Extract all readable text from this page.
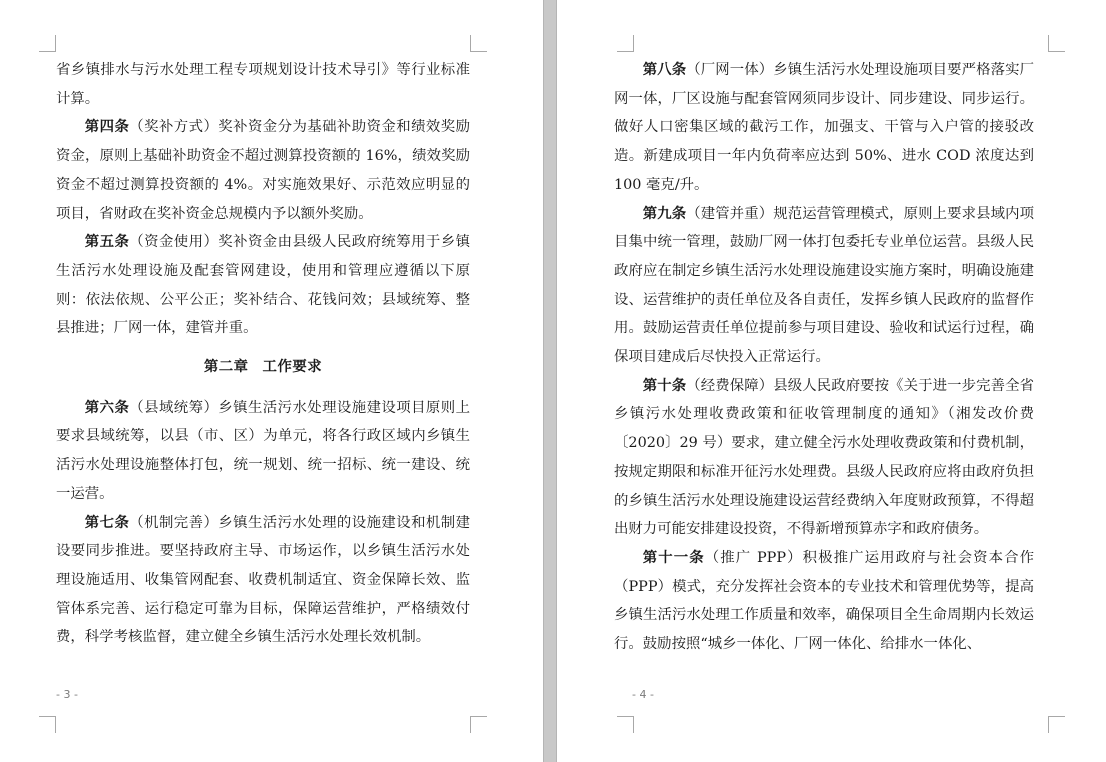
省乡镇排水与污水处理工程专项规划设计技术导引》等行业标准计算。

第四条（奖补方式）奖补资金分为基础补助资金和绩效奖励资金，原则上基础补助资金不超过测算投资额的 16%，绩效奖励资金不超过测算投资额的 4%。对实施效果好、示范效应明显的项目，省财政在奖补资金总规模内予以额外奖励。

第五条（资金使用）奖补资金由县级人民政府统筹用于乡镇生活污水处理设施及配套管网建设，使用和管理应遵循以下原则：依法依规、公平公正；奖补结合、花钱问效；县域统筹、整县推进；厂网一体，建管并重。

第二章 工作要求

第六条（县域统筹）乡镇生活污水处理设施建设项目原则上要求县域统筹，以县（市、区）为单元，将各行政区域内乡镇生活污水处理设施整体打包，统一规划、统一招标、统一建设、统一运营。

第七条（机制完善）乡镇生活污水处理的设施建设和机制建设要同步推进。要坚持政府主导、市场运作，以乡镇生活污水处理设施适用、收集管网配套、收费机制适宜、资金保障长效、监管体系完善、运行稳定可靠为目标，保障运营维护，严格绩效付费，科学考核监督，建立健全乡镇生活污水处理长效机制。

- 3 -

第八条（厂网一体）乡镇生活污水处理设施项目要严格落实厂网一体，厂区设施与配套管网须同步设计、同步建设、同步运行。做好人口密集区域的截污工作，加强支、干管与入户管的接驳改造。新建成项目一年内负荷率应达到 50%、进水 COD 浓度达到 100 毫克/升。

第九条（建管并重）规范运营管理模式，原则上要求县域内项目集中统一管理，鼓励厂网一体打包委托专业单位运营。县级人民政府应在制定乡镇生活污水处理设施建设实施方案时，明确设施建设、运营维护的责任单位及各自责任，发挥乡镇人民政府的监督作用。鼓励运营责任单位提前参与项目建设、验收和试运行过程，确保项目建成后尽快投入正常运行。

第十条（经费保障）县级人民政府要按《关于进一步完善全省乡镇污水处理收费政策和征收管理制度的通知》（湘发改价费〔2020〕29 号）要求，建立健全污水处理收费政策和付费机制，按规定期限和标准开征污水处理费。县级人民政府应将由政府负担的乡镇生活污水处理设施建设运营经费纳入年度财政预算，不得超出财力可能安排建设投资，不得新增预算赤字和政府债务。

第十一条（推广 PPP）积极推广运用政府与社会资本合作（PPP）模式，充分发挥社会资本的专业技术和管理优势等，提高乡镇生活污水处理工作质量和效率，确保项目全生命周期内长效运行。鼓励按照“城乡一体化、厂网一体化、给排水一体化、

- 4 -
